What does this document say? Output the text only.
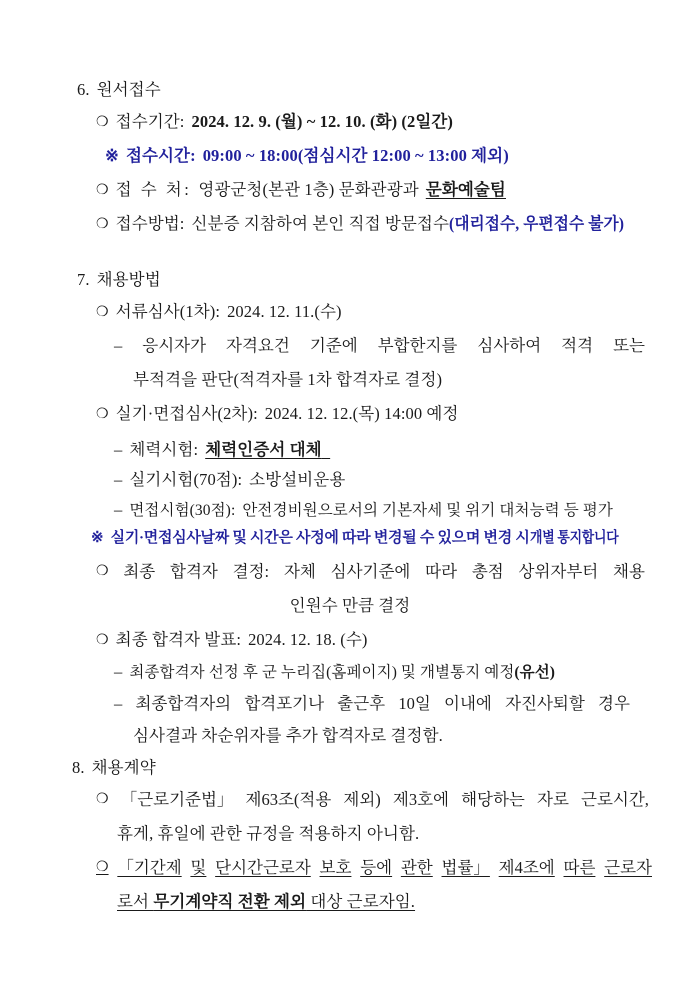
6. 원서접수
❍ 접수기간: 2024. 12. 9. (월) ~ 12. 10. (화) (2일간)
※ 접수시간: 09:00 ~ 18:00(점심시간 12:00 ~ 13:00 제외)
❍ 접 수 처: 영광군청(본관 1층) 문화관광과 문화예술팀
❍ 접수방법: 신분증 지참하여 본인 직접 방문접수(대리접수, 우편접수 불가)
7. 채용방법
❍ 서류심사(1차): 2024. 12. 11.(수)
– 응시자가 자격요건 기준에 부합한지를 심사하여 적격 또는
부적격을 판단(적격자를 1차 합격자로 결정)
❍ 실기·면접심사(2차): 2024. 12. 12.(목) 14:00 예정
– 체력시험: 체력인증서 대체
– 실기시험(70점): 소방설비운용
– 면접시험(30점): 안전경비원으로서의 기본자세 및 위기 대처능력 등 평가
※ 실기·면접심사날짜 및 시간은 사정에 따라 변경될 수 있으며 변경 시개별 통지합니다
❍ 최종 합격자 결정: 자체 심사기준에 따라 총점 상위자부터 채용
인원수 만큼 결정
❍ 최종 합격자 발표: 2024. 12. 18. (수)
– 최종합격자 선정 후 군 누리집(홈페이지) 및 개별통지 예정(유선)
– 최종합격자의 합격포기나 출근후 10일 이내에 자진사퇴할 경우
심사결과 차순위자를 추가 합격자로 결정함.
8. 채용계약
❍ 「근로기준법」 제63조(적용 제외) 제3호에 해당하는 자로 근로시간,
휴게, 휴일에 관한 규정을 적용하지 아니함.
❍ 「기간제 및 단시간근로자 보호 등에 관한 법률」 제4조에 따른 근로자
로서 무기계약직 전환 제외 대상 근로자임.
